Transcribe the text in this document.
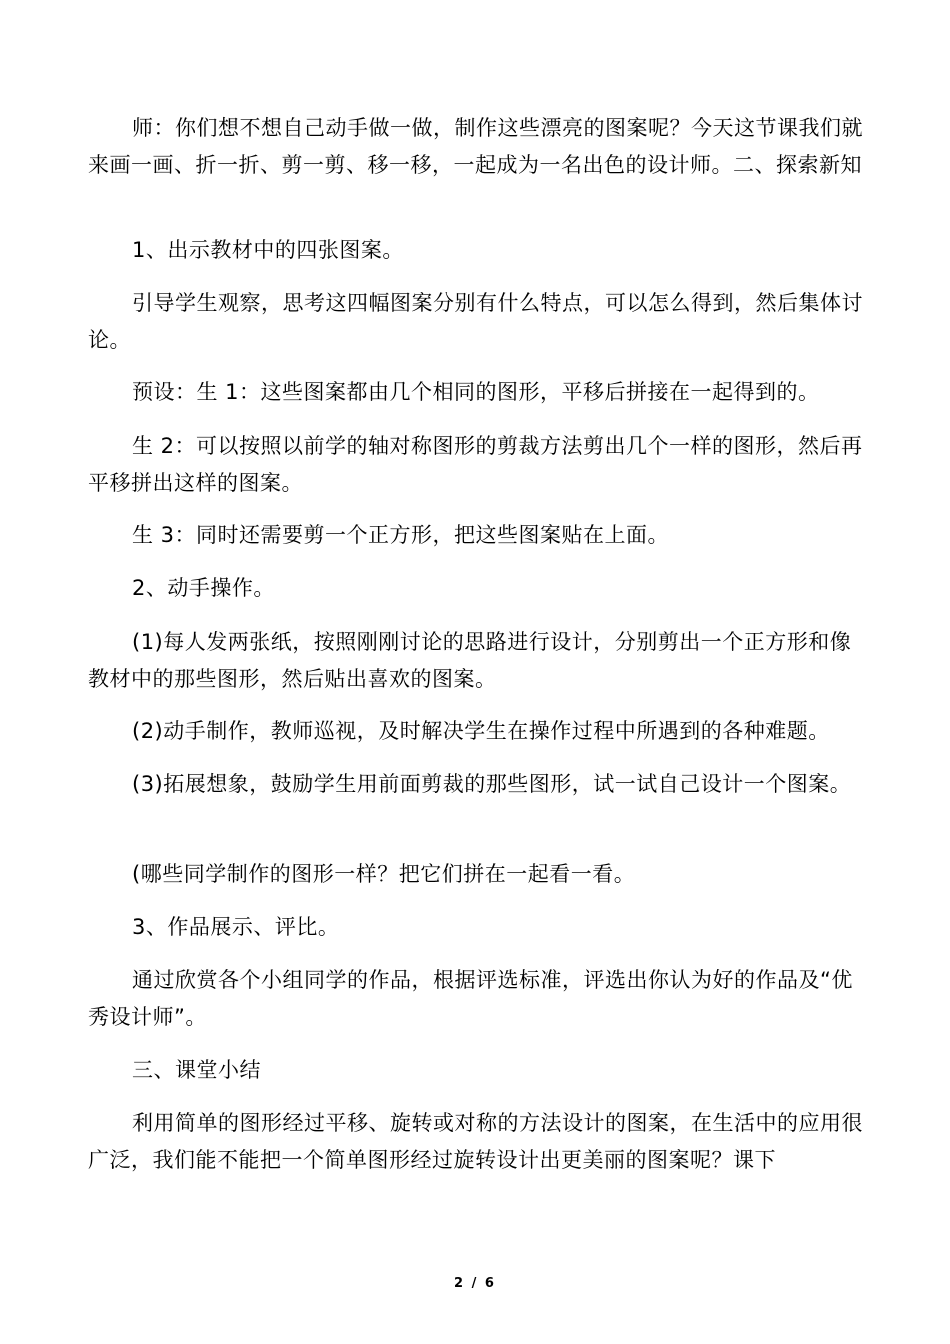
师：你们想不想自己动手做一做，制作这些漂亮的图案呢？今天这节课我们就来画一画、折一折、剪一剪、移一移，一起成为一名出色的设计师。二、探索新知

1、出示教材中的四张图案。

引导学生观察，思考这四幅图案分别有什么特点，可以怎么得到，然后集体讨论。

预设：生 1：这些图案都由几个相同的图形，平移后拼接在一起得到的。

生 2：可以按照以前学的轴对称图形的剪裁方法剪出几个一样的图形，然后再平移拼出这样的图案。

生 3：同时还需要剪一个正方形，把这些图案贴在上面。

2、动手操作。

(1)每人发两张纸，按照刚刚讨论的思路进行设计，分别剪出一个正方形和像教材中的那些图形，然后贴出喜欢的图案。

(2)动手制作，教师巡视，及时解决学生在操作过程中所遇到的各种难题。

(3)拓展想象，鼓励学生用前面剪裁的那些图形，试一试自己设计一个图案。

(哪些同学制作的图形一样？把它们拼在一起看一看。

3、作品展示、评比。

通过欣赏各个小组同学的作品，根据评选标准，评选出你认为好的作品及“优秀设计师”。

三、课堂小结

利用简单的图形经过平移、旋转或对称的方法设计的图案，在生活中的应用很广泛，我们能不能把一个简单图形经过旋转设计出更美丽的图案呢？课下

2 / 6
